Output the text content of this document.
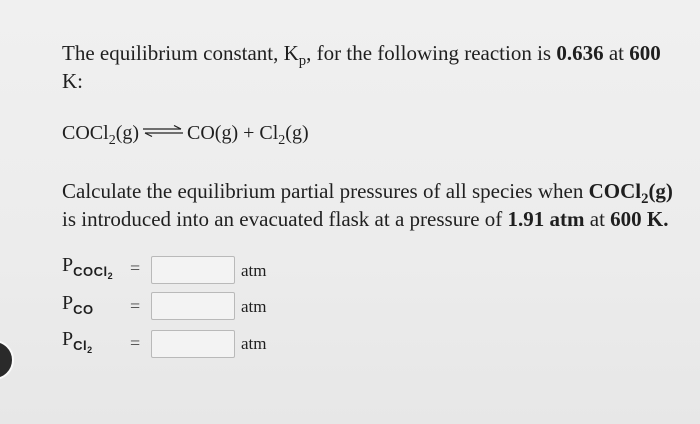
The equilibrium constant, $K_p$, for the following reaction is 0.636 at 600
K:
COCl$_2$(g) ⇌ $CO(g) + Cl_2(g)$
Calculate the equilibrium partial pressures of all species when COCl$_2$(g)
is introduced into an evacuated flask at a pressure of 1.91 atm at 600 K.
$P_{COCl2}$ =	atm
$P_{CO}$ =	atm
$P_{Cl2}$ =	atm
